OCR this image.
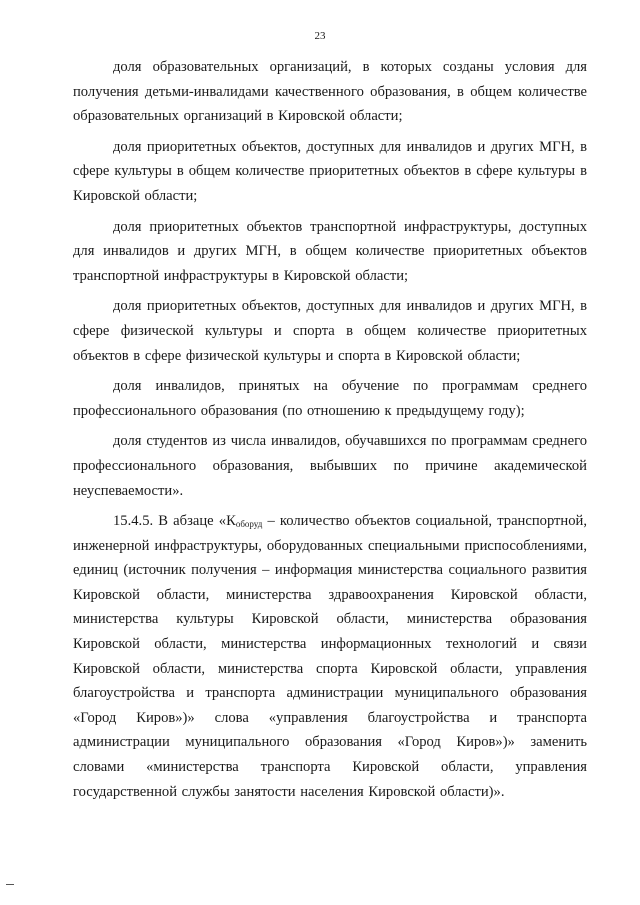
23

доля образовательных организаций, в которых созданы условия для получения детьми-инвалидами качественного образования, в общем количестве образовательных организаций в Кировской области;

доля приоритетных объектов, доступных для инвалидов и других МГН, в сфере культуры в общем количестве приоритетных объектов в сфере культуры в Кировской области;

доля приоритетных объектов транспортной инфраструктуры, доступных для инвалидов и других МГН, в общем количестве приоритетных объектов транспортной инфраструктуры в Кировской области;

доля приоритетных объектов, доступных для инвалидов и других МГН, в сфере физической культуры и спорта в общем количестве приоритетных объектов в сфере физической культуры и спорта в Кировской области;

доля инвалидов, принятых на обучение по программам среднего профессионального образования (по отношению к предыдущему году);

доля студентов из числа инвалидов, обучавшихся по программам среднего профессионального образования, выбывших по причине академической неуспеваемости».

15.4.5. В абзаце «$К_{оборуд}$ – количество объектов социальной, транспортной, инженерной инфраструктуры, оборудованных специальными приспособлениями, единиц (источник получения – информация министерства социального развития Кировской области, министерства здравоохранения Кировской области, министерства культуры Кировской области, министерства образования Кировской области, министерства информационных технологий и связи Кировской области, министерства спорта Кировской области, управления благоустройства и транспорта администрации муниципального образования «Город Киров»)» слова «управления благоустройства и транспорта администрации муниципального образования «Город Киров»)» заменить словами «министерства транспорта Кировской области, управления государственной службы занятости населения Кировской области)».
